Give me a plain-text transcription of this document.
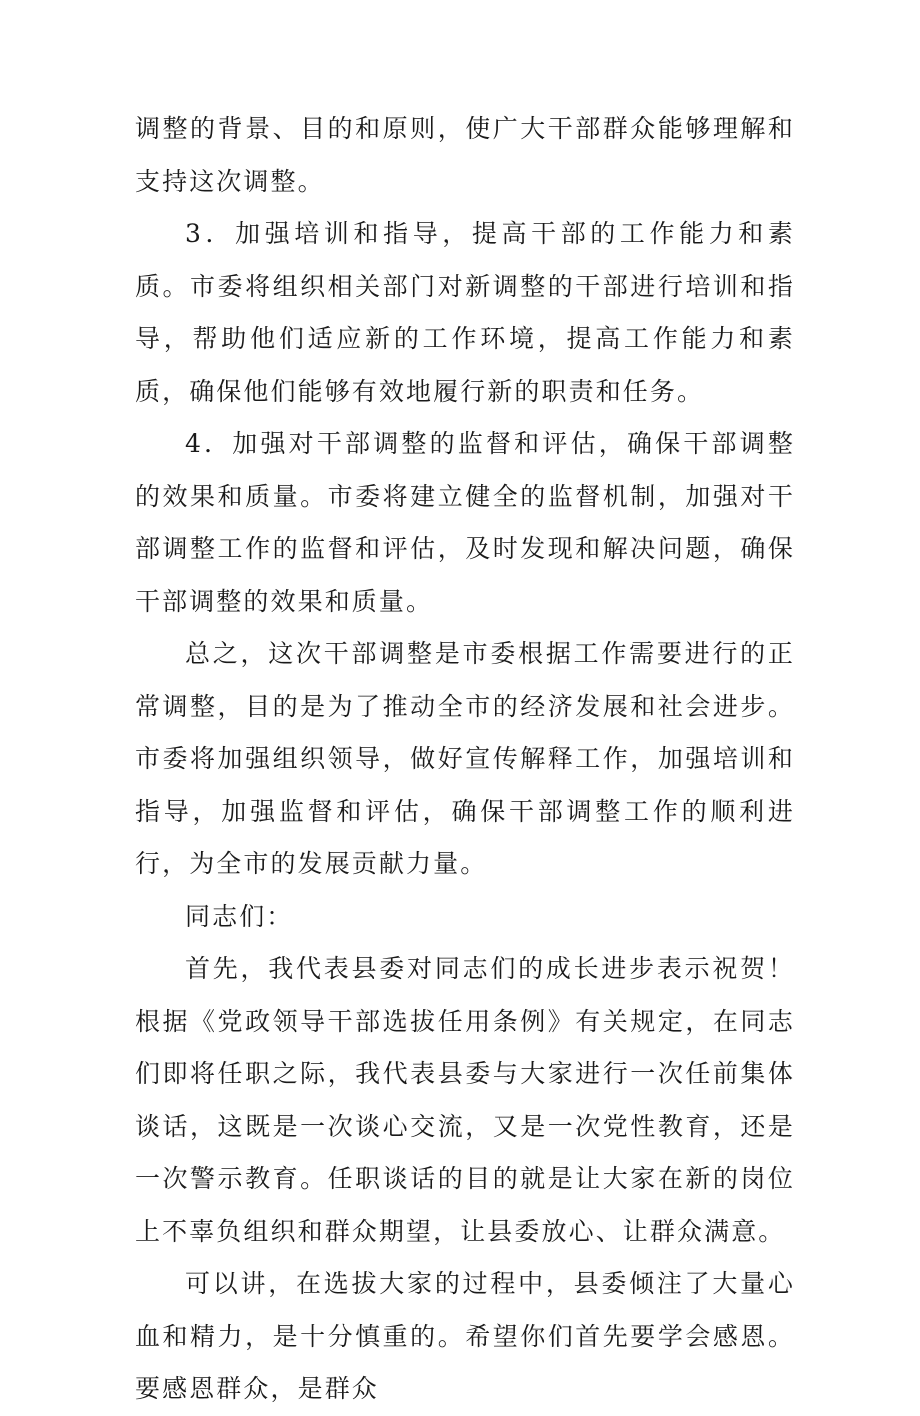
调整的背景、目的和原则，使广大干部群众能够理解和支持这次调整。

3．加强培训和指导，提高干部的工作能力和素质。市委将组织相关部门对新调整的干部进行培训和指导，帮助他们适应新的工作环境，提高工作能力和素质，确保他们能够有效地履行新的职责和任务。

4．加强对干部调整的监督和评估，确保干部调整的效果和质量。市委将建立健全的监督机制，加强对干部调整工作的监督和评估，及时发现和解决问题，确保干部调整的效果和质量。

总之，这次干部调整是市委根据工作需要进行的正常调整，目的是为了推动全市的经济发展和社会进步。市委将加强组织领导，做好宣传解释工作，加强培训和指导，加强监督和评估，确保干部调整工作的顺利进行，为全市的发展贡献力量。

同志们：

首先，我代表县委对同志们的成长进步表示祝贺！根据《党政领导干部选拔任用条例》有关规定，在同志们即将任职之际，我代表县委与大家进行一次任前集体谈话，这既是一次谈心交流，又是一次党性教育，还是一次警示教育。任职谈话的目的就是让大家在新的岗位上不辜负组织和群众期望，让县委放心、让群众满意。

可以讲，在选拔大家的过程中，县委倾注了大量心血和精力，是十分慎重的。希望你们首先要学会感恩。要感恩群众，是群众
